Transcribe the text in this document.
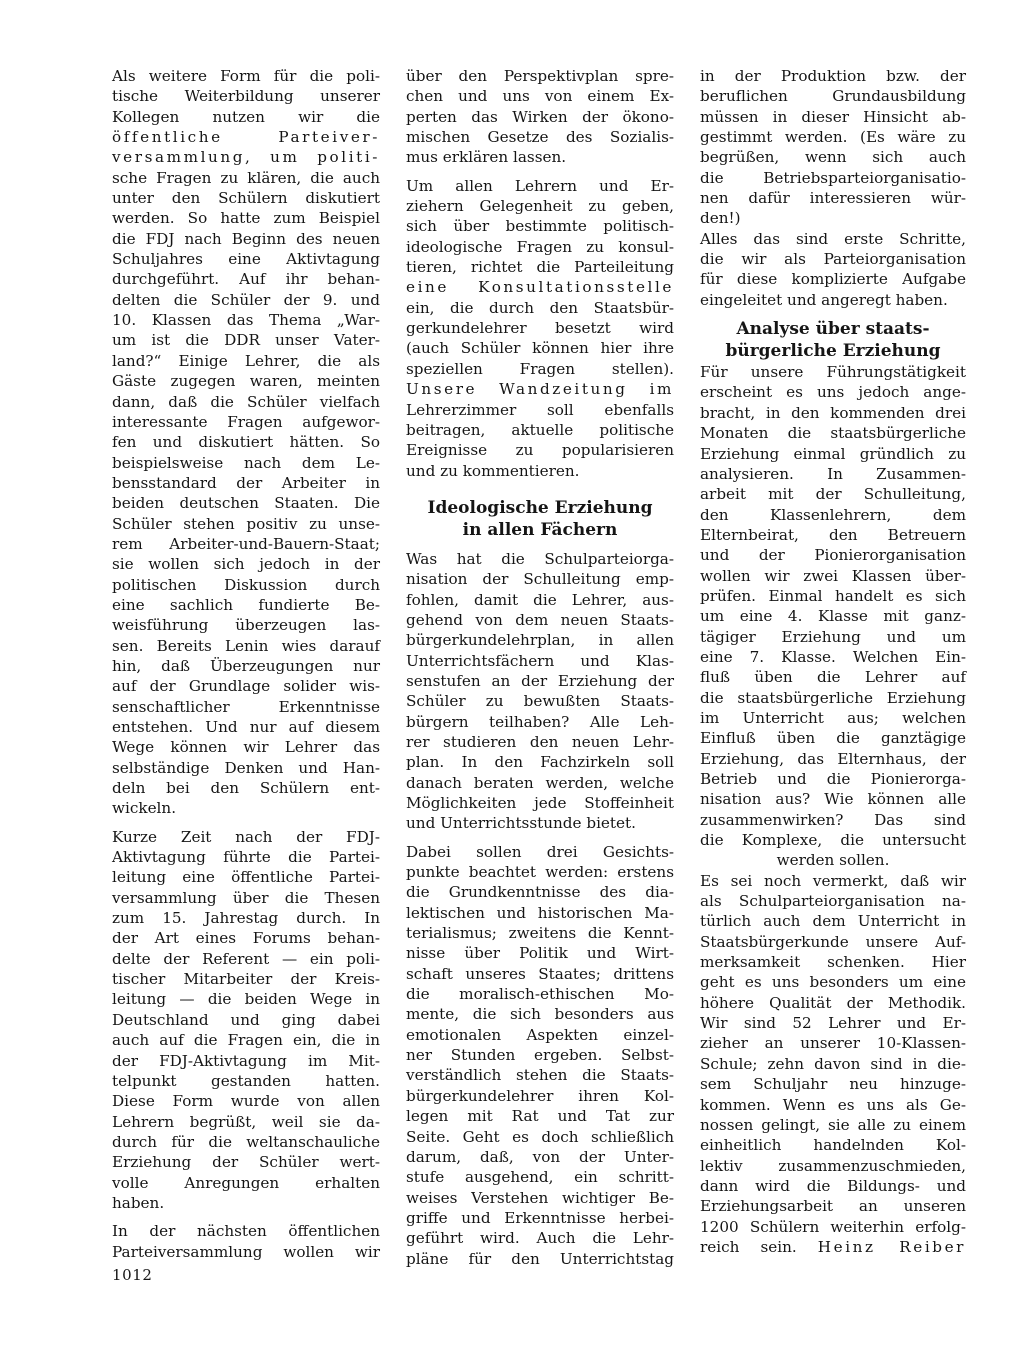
Als weitere Form für die poli-
tische Weiterbildung unserer
Kollegen nutzen wir die
öffentliche Parteiver-
versammlung, um politi-
sche Fragen zu klären, die auch
unter den Schülern diskutiert
werden. So hatte zum Beispiel
die FDJ nach Beginn des neuen
Schuljahres eine Aktivtagung
durchgeführt. Auf ihr behan-
delten die Schüler der 9. und
10. Klassen das Thema „War-
um ist die DDR unser Vater-
land?“ Einige Lehrer, die als
Gäste zugegen waren, meinten
dann, daß die Schüler vielfach
interessante Fragen aufgewor-
fen und diskutiert hätten. So
beispielsweise nach dem Le-
bensstandard der Arbeiter in
beiden deutschen Staaten. Die
Schüler stehen positiv zu unse-
rem Arbeiter-und-Bauern-Staat;
sie wollen sich jedoch in der
politischen Diskussion durch
eine sachlich fundierte Be-
weisführung überzeugen las-
sen. Bereits Lenin wies darauf
hin, daß Überzeugungen nur
auf der Grundlage solider wis-
senschaftlicher Erkenntnisse
entstehen. Und nur auf diesem
Wege können wir Lehrer das
selbständige Denken und Han-
deln bei den Schülern ent-
wickeln.
Kurze Zeit nach der FDJ-
Aktivtagung führte die Partei-
leitung eine öffentliche Partei-
versammlung über die Thesen
zum 15. Jahrestag durch. In
der Art eines Forums behan-
delte der Referent — ein poli-
tischer Mitarbeiter der Kreis-
leitung — die beiden Wege in
Deutschland und ging dabei
auch auf die Fragen ein, die in
der FDJ-Aktivtagung im Mit-
telpunkt gestanden hatten.
Diese Form wurde von allen
Lehrern begrüßt, weil sie da-
durch für die weltanschauliche
Erziehung der Schüler wert-
volle Anregungen erhalten
haben.
In der nächsten öffentlichen
Parteiversammlung wollen wir
über den Perspektivplan spre-
chen und uns von einem Ex-
perten das Wirken der ökono-
mischen Gesetze des Sozialis-
mus erklären lassen.
Um allen Lehrern und Er-
ziehern Gelegenheit zu geben,
sich über bestimmte politisch-
ideologische Fragen zu konsul-
tieren, richtet die Parteileitung
eine Konsultationsstelle
ein, die durch den Staatsbür-
gerkundelehrer besetzt wird
(auch Schüler können hier ihre
speziellen Fragen stellen).
Unsere Wandzeitung im
Lehrerzimmer soll ebenfalls
beitragen, aktuelle politische
Ereignisse zu popularisieren
und zu kommentieren.
Ideologische Erziehung
in allen Fächern
Was hat die Schulparteiorga-
nisation der Schulleitung emp-
fohlen, damit die Lehrer, aus-
gehend von dem neuen Staats-
bürgerkundelehrplan, in allen
Unterrichtsfächern und Klas-
senstufen an der Erziehung der
Schüler zu bewußten Staats-
bürgern teilhaben? Alle Leh-
rer studieren den neuen Lehr-
plan. In den Fachzirkeln soll
danach beraten werden, welche
Möglichkeiten jede Stoffeinheit
und Unterrichtsstunde bietet.
Dabei sollen drei Gesichts-
punkte beachtet werden: erstens
die Grundkenntnisse des dia-
lektischen und historischen Ma-
terialismus; zweitens die Kennt-
nisse über Politik und Wirt-
schaft unseres Staates; drittens
die moralisch-ethischen Mo-
mente, die sich besonders aus
emotionalen Aspekten einzel-
ner Stunden ergeben. Selbst-
verständlich stehen die Staats-
bürgerkundelehrer ihren Kol-
legen mit Rat und Tat zur
Seite. Geht es doch schließlich
darum, daß, von der Unter-
stufe ausgehend, ein schritt-
weises Verstehen wichtiger Be-
griffe und Erkenntnisse herbei-
geführt wird. Auch die Lehr-
pläne für den Unterrichtstag
in der Produktion bzw. der
beruflichen Grundausbildung
müssen in dieser Hinsicht ab-
gestimmt werden. (Es wäre zu
begrüßen, wenn sich auch
die Betriebsparteiorganisatio-
nen dafür interessieren wür-
den!)
Alles das sind erste Schritte,
die wir als Parteiorganisation
für diese komplizierte Aufgabe
eingeleitet und angeregt haben.
Analyse über staats-
bürgerliche Erziehung
Für unsere Führungstätigkeit
erscheint es uns jedoch ange-
bracht, in den kommenden drei
Monaten die staatsbürgerliche
Erziehung einmal gründlich zu
analysieren. In Zusammen-
arbeit mit der Schulleitung,
den Klassenlehrern, dem
Elternbeirat, den Betreuern
und der Pionierorganisation
wollen wir zwei Klassen über-
prüfen. Einmal handelt es sich
um eine 4. Klasse mit ganz-
tägiger Erziehung und um
eine 7. Klasse. Welchen Ein-
fluß üben die Lehrer auf
die staatsbürgerliche Erziehung
im Unterricht aus; welchen
Einfluß üben die ganztägige
Erziehung, das Elternhaus, der
Betrieb und die Pionierorga-
nisation aus? Wie können alle
zusammenwirken? Das sind
die Komplexe, die untersucht
werden sollen.
Es sei noch vermerkt, daß wir
als Schulparteiorganisation na-
türlich auch dem Unterricht in
Staatsbürgerkunde unsere Auf-
merksamkeit schenken. Hier
geht es uns besonders um eine
höhere Qualität der Methodik.
Wir sind 52 Lehrer und Er-
zieher an unserer 10-Klassen-
Schule; zehn davon sind in die-
sem Schuljahr neu hinzuge-
kommen. Wenn es uns als Ge-
nossen gelingt, sie alle zu einem
einheitlich handelnden Kol-
lektiv zusammenzuschmieden,
dann wird die Bildungs- und
Erziehungsarbeit an unseren
1200 Schülern weiterhin erfolg-
reich sein. Heinz Reiber
1012
